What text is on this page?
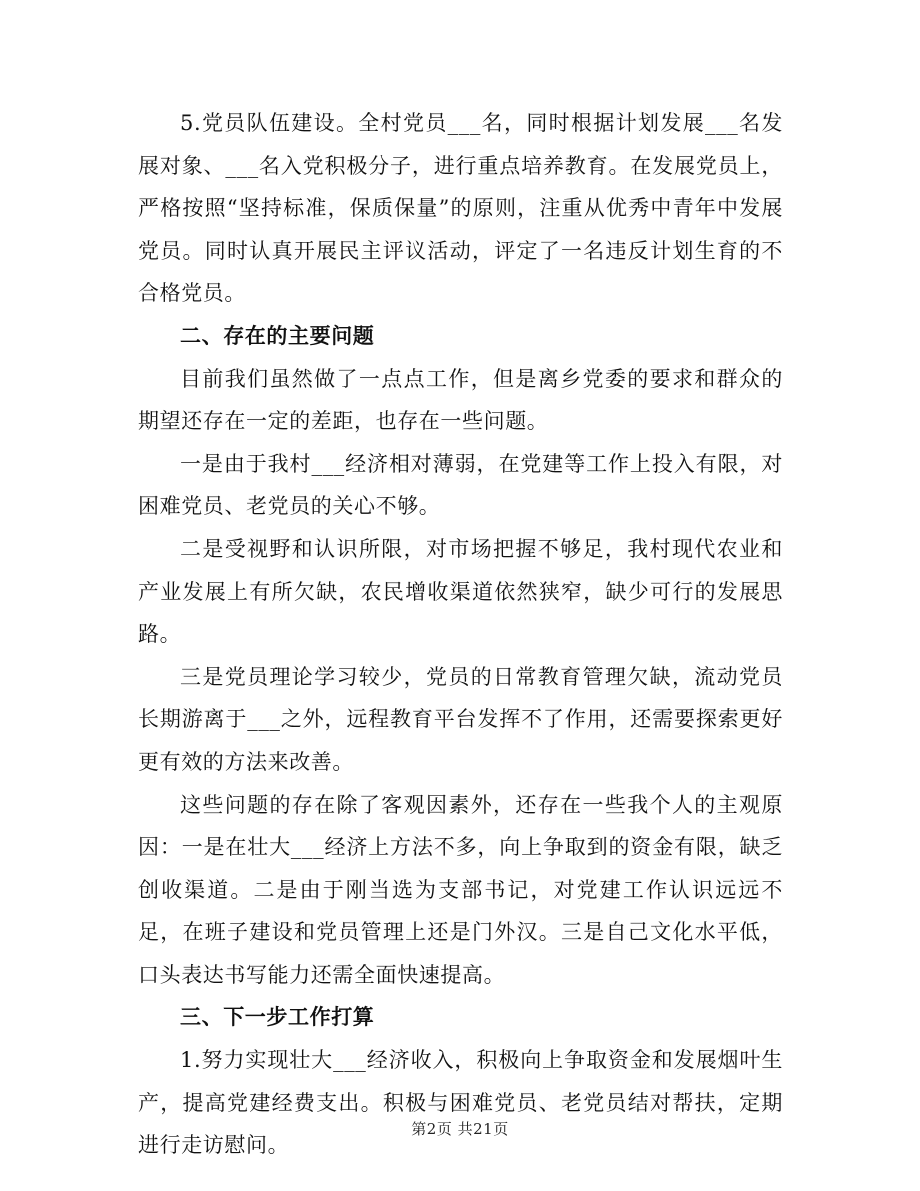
5.党员队伍建设。全村党员___名，同时根据计划发展___名发展对象、___名入党积极分子，进行重点培养教育。在发展党员上，严格按照“坚持标准，保质保量”的原则，注重从优秀中青年中发展党员。同时认真开展民主评议活动，评定了一名违反计划生育的不合格党员。

二、存在的主要问题

目前我们虽然做了一点点工作，但是离乡党委的要求和群众的期望还存在一定的差距，也存在一些问题。

一是由于我村___经济相对薄弱，在党建等工作上投入有限，对困难党员、老党员的关心不够。

二是受视野和认识所限，对市场把握不够足，我村现代农业和产业发展上有所欠缺，农民增收渠道依然狭窄，缺少可行的发展思路。

三是党员理论学习较少，党员的日常教育管理欠缺，流动党员长期游离于___之外，远程教育平台发挥不了作用，还需要探索更好更有效的方法来改善。

这些问题的存在除了客观因素外，还存在一些我个人的主观原因：一是在壮大___经济上方法不多，向上争取到的资金有限，缺乏创收渠道。二是由于刚当选为支部书记，对党建工作认识远远不足，在班子建设和党员管理上还是门外汉。三是自己文化水平低，口头表达书写能力还需全面快速提高。

三、下一步工作打算

1.努力实现壮大___经济收入，积极向上争取资金和发展烟叶生产，提高党建经费支出。积极与困难党员、老党员结对帮扶，定期进行走访慰问。

第2页 共21页
